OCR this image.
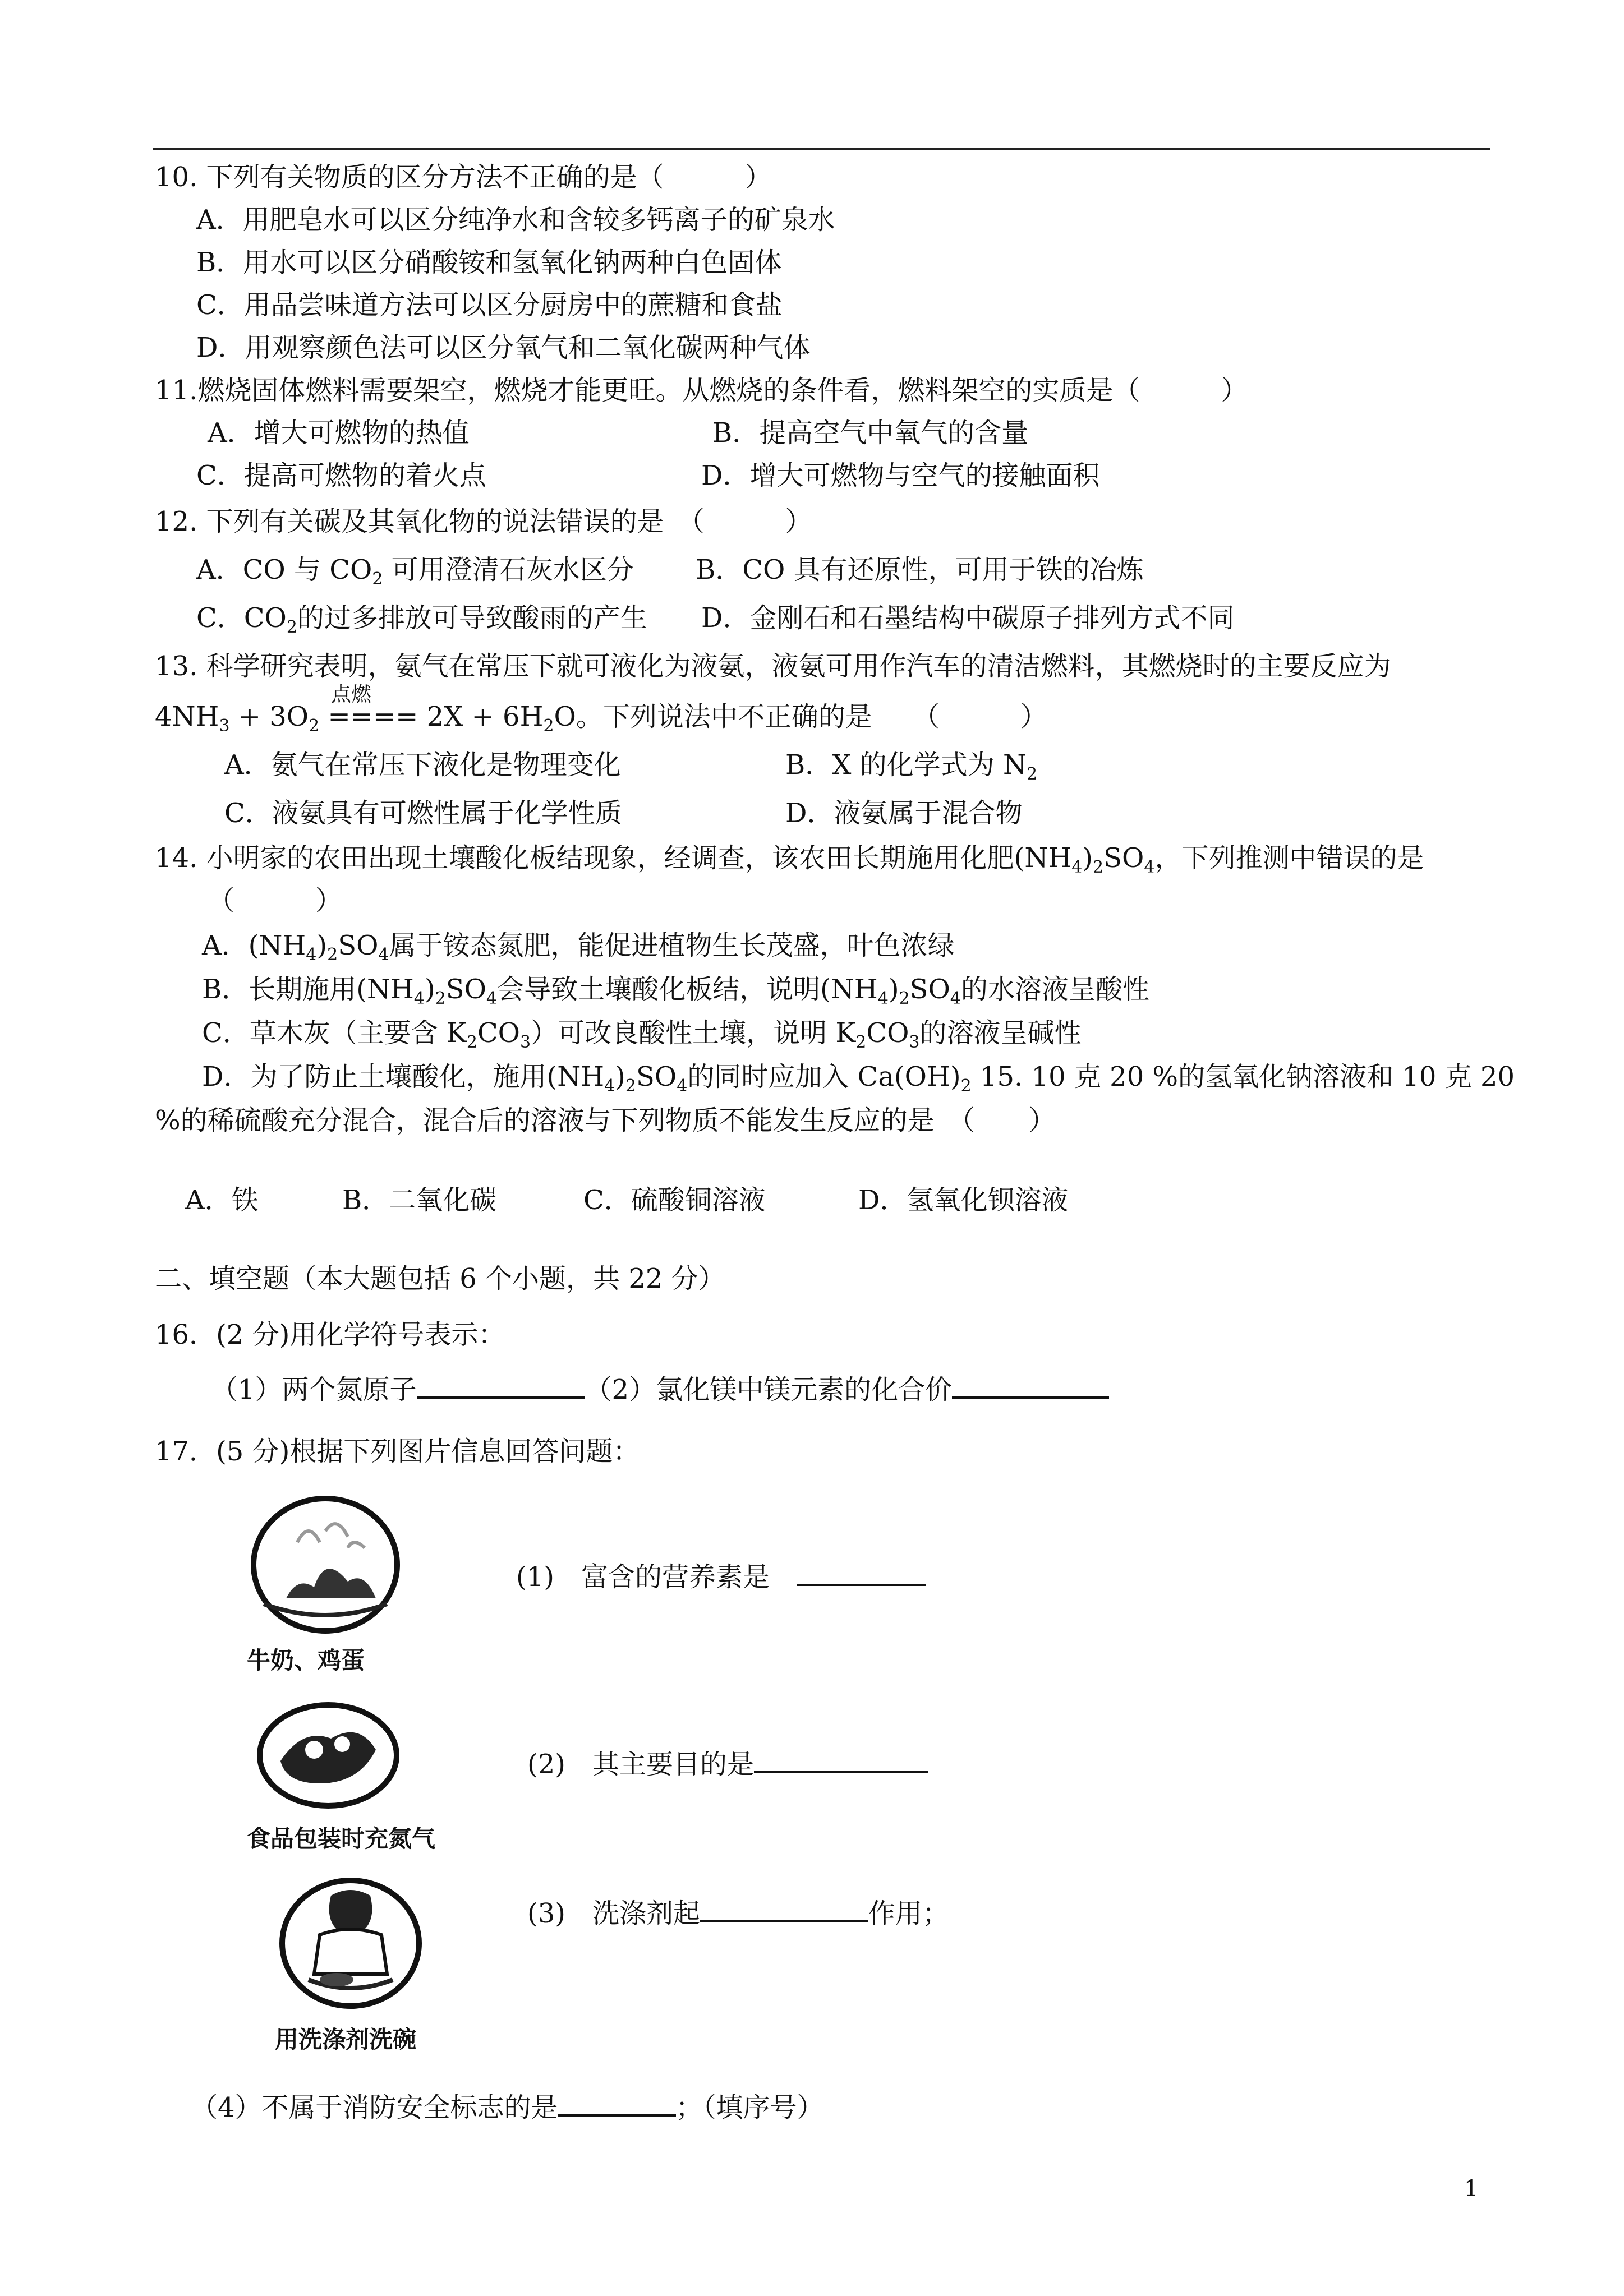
10. 下列有关物质的区分方法不正确的是（　　　）
A．用肥皂水可以区分纯净水和含较多钙离子的矿泉水
B．用水可以区分硝酸铵和氢氧化钠两种白色固体
C．用品尝味道方法可以区分厨房中的蔗糖和食盐
D．用观察颜色法可以区分氧气和二氧化碳两种气体
11.燃烧固体燃料需要架空，燃烧才能更旺。从燃烧的条件看，燃料架空的实质是（　　　）
A．增大可燃物的热值	B．提高空气中氧气的含量
C．提高可燃物的着火点	D．增大可燃物与空气的接触面积
12. 下列有关碳及其氧化物的说法错误的是　（　　　）
A．CO 与 $CO_2$ 可用澄清石灰水区分 B．CO 具有还原性，可用于铁的冶炼
C．$CO_2$的过多排放可导致酸雨的产生 D．金刚石和石墨结构中碳原子排列方式不同
13. 科学研究表明，氨气在常压下就可液化为液氨，液氨可用作汽车的清洁燃料，其燃烧时的主要反应为
点燃
$4NH_3 + 3O_2$ ==== $2X + 6H_2O$。下列说法中不正确的是　　（　　　）
A．氨气在常压下液化是物理变化	B．X 的化学式为 $N_2$
C．液氨具有可燃性属于化学性质	D．液氨属于混合物
14. 小明家的农田出现土壤酸化板结现象，经调查，该农田长期施用化肥$(NH_4)_2SO_4$，下列推测中错误的是
（　　　）
A．$(NH_4)_2SO_4$属于铵态氮肥，能促进植物生长茂盛，叶色浓绿
B．长期施用$(NH_4)_2SO_4$会导致土壤酸化板结，说明$(NH_4)_2SO_4$的水溶液呈酸性
C．草木灰（主要含 $K_2CO_3$）可改良酸性土壤，说明 $K_2CO_3$的溶液呈碱性
D．为了防止土壤酸化，施用$(NH_4)_2SO_4$的同时应加入 $Ca(OH)_2$ 15. 10 克 20 %的氢氧化钠溶液和 10 克 20
%的稀硫酸充分混合，混合后的溶液与下列物质不能发生反应的是　（　　）
A．铁	B．二氧化碳	C．硫酸铜溶液	D．氢氧化钡溶液
二、填空题（本大题包括 6 个小题，共 22 分）
16．(2 分)用化学符号表示：
（1）两个氮原子	（2）氯化镁中镁元素的化合价
17．(5 分)根据下列图片信息回答问题：
牛奶、鸡蛋
(1)　富含的营养素是　
食品包装时充氮气
(2)　其主要目的是
用洗涤剂洗碗
(3)　洗涤剂起	作用；
（4）不属于消防安全标志的是	；（填序号）
1
